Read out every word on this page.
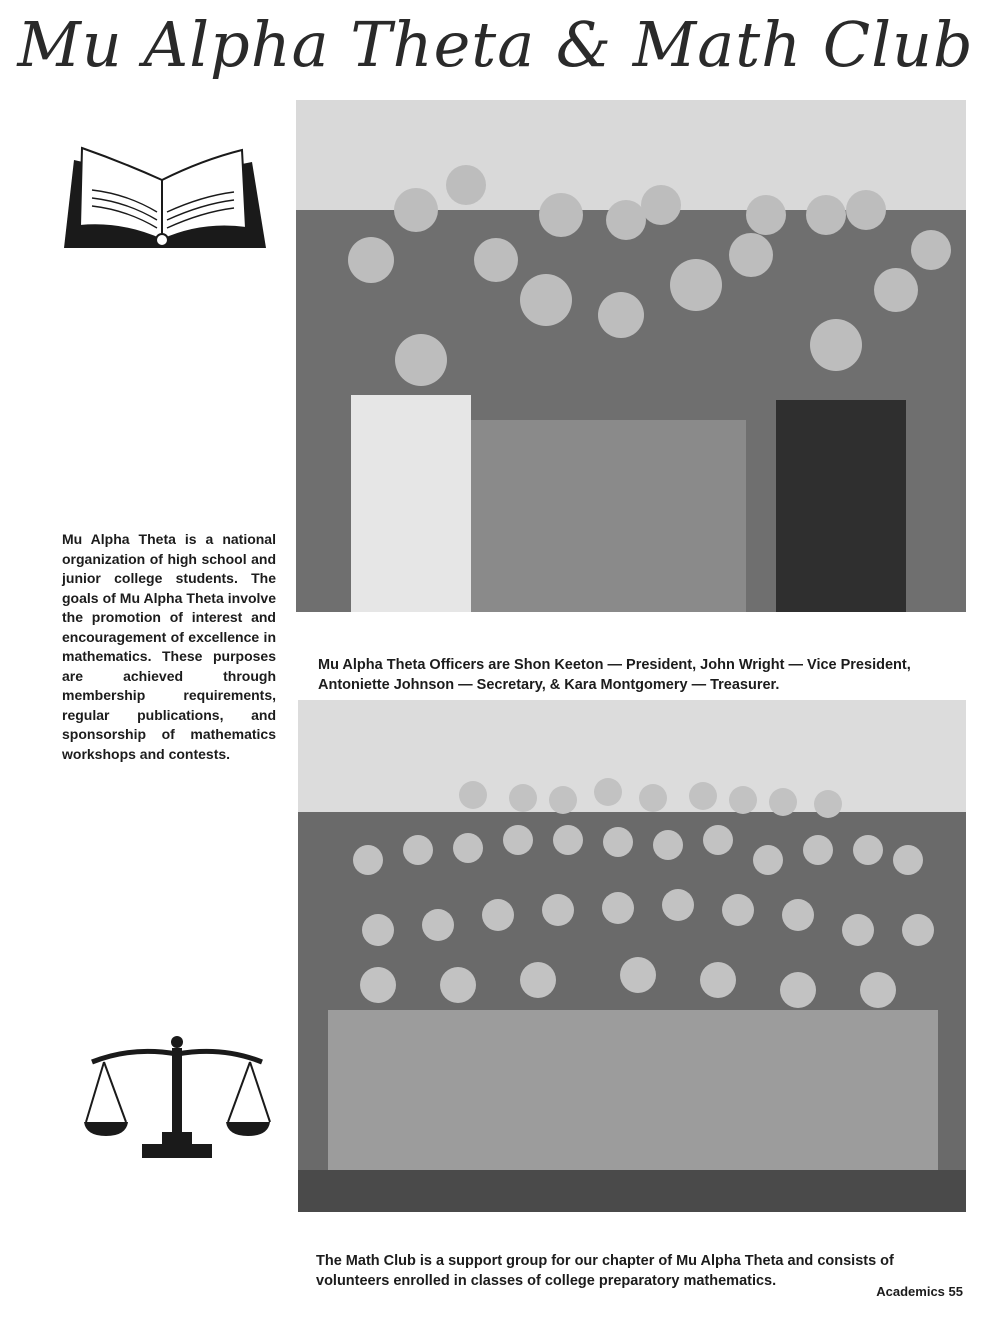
Mu Alpha Theta & Math Club

Mu Alpha Theta is a national organization of high school and junior college students. The goals of Mu Alpha Theta involve the promotion of interest and encouragement of excellence in mathematics. These purposes are achieved through membership requirements, regular publications, and sponsorship of mathematics workshops and contests.

Mu Alpha Theta Officers are Shon Keeton — President, John Wright — Vice President, Antoniette Johnson — Secretary, & Kara Montgomery — Treasurer.

The Math Club is a support group for our chapter of Mu Alpha Theta and consists of volunteers enrolled in classes of college preparatory mathematics.

Academics 55
